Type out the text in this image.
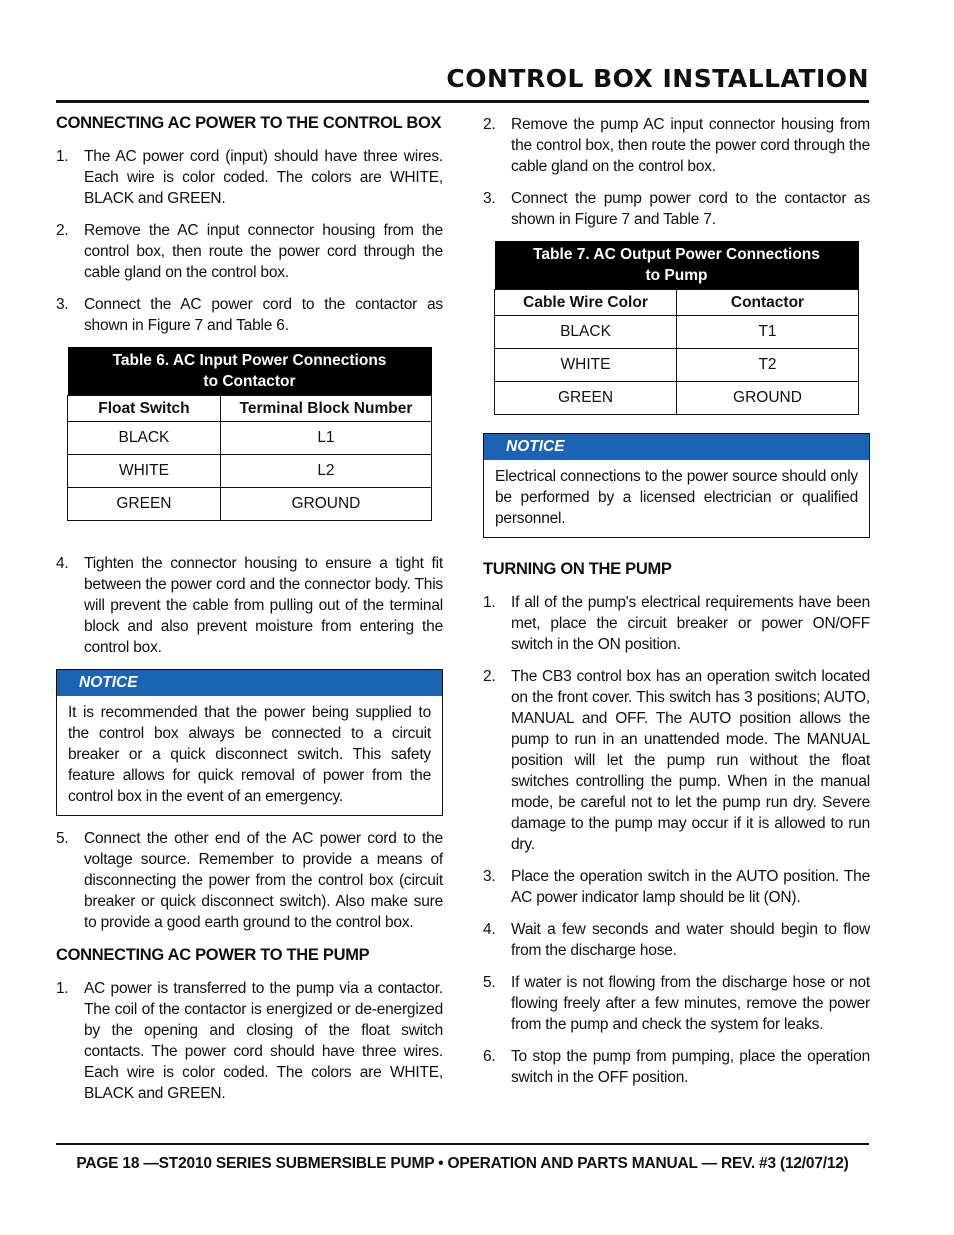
CONTROL BOX INSTALLATION
CONNECTING AC POWER TO THE CONTROL BOX
1. The AC power cord (input) should have three wires. Each wire is color coded. The colors are WHITE, BLACK and GREEN.
2. Remove the AC input connector housing from the control box, then route the power cord through the cable gland on the control box.
3. Connect the AC power cord to the contactor as shown in Figure 7 and Table 6.
Table 6. AC Input Power Connections
to Contactor	
Float Switch	Terminal Block Number
BLACK	L1
WHITE	L2
GREEN	GROUND
4. Tighten the connector housing to ensure a tight fit between the power cord and the connector body. This will prevent the cable from pulling out of the terminal block and also prevent moisture from entering the control box.
NOTICE
It is recommended that the power being supplied to the control box always be connected to a circuit breaker or a quick disconnect switch. This safety feature allows for quick removal of power from the control box in the event of an emergency.
5. Connect the other end of the AC power cord to the voltage source. Remember to provide a means of disconnecting the power from the control box (circuit breaker or quick disconnect switch). Also make sure to provide a good earth ground to the control box.
CONNECTING AC POWER TO THE PUMP
1. AC power is transferred to the pump via a contactor. The coil of the contactor is energized or de-energized by the opening and closing of the float switch contacts. The power cord should have three wires. Each wire is color coded. The colors are WHITE, BLACK and GREEN.
2. Remove the pump AC input connector housing from the control box, then route the power cord through the cable gland on the control box.
3. Connect the pump power cord to the contactor as shown in Figure 7 and Table 7.
Table 7. AC Output Power Connections
to Pump	
Cable Wire Color	Contactor
BLACK	T1
WHITE	T2
GREEN	GROUND
NOTICE
Electrical connections to the power source should only be performed by a licensed electrician or qualified personnel.
TURNING ON THE PUMP
1. If all of the pump's electrical requirements have been met, place the circuit breaker or power ON/OFF switch in the ON position.
2. The CB3 control box has an operation switch located on the front cover. This switch has 3 positions; AUTO, MANUAL and OFF. The AUTO position allows the pump to run in an unattended mode. The MANUAL position will let the pump run without the float switches controlling the pump. When in the manual mode, be careful not to let the pump run dry. Severe damage to the pump may occur if it is allowed to run dry.
3. Place the operation switch in the AUTO position. The AC power indicator lamp should be lit (ON).
4. Wait a few seconds and water should begin to flow from the discharge hose.
5. If water is not flowing from the discharge hose or not flowing freely after a few minutes, remove the power from the pump and check the system for leaks.
6. To stop the pump from pumping, place the operation switch in the OFF position.
PAGE 18 —ST2010 SERIES SUBMERSIBLE PUMP • OPERATION AND PARTS MANUAL — REV. #3 (12/07/12)
